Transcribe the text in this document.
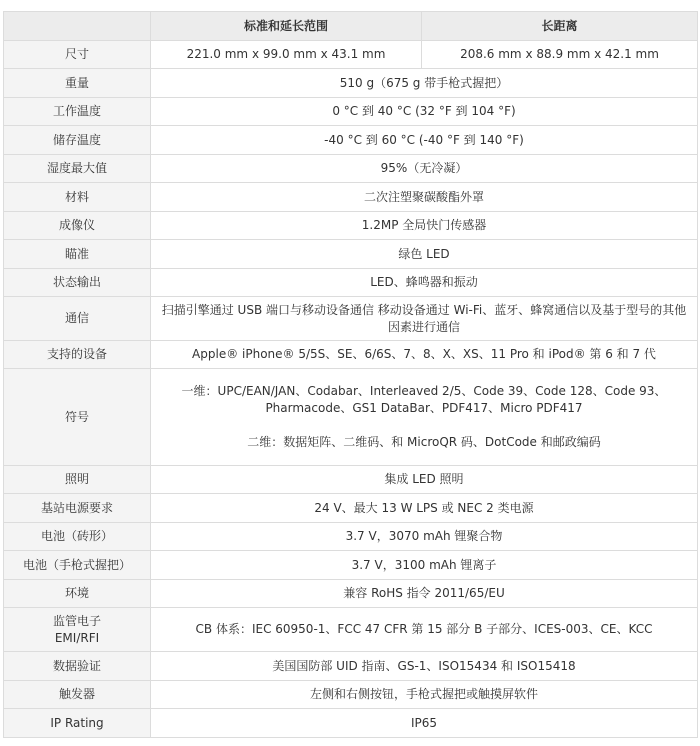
	标准和延长范围	长距离
尺寸	221.0 mm x 99.0 mm x 43.1 mm	208.6 mm x 88.9 mm x 42.1 mm
重量	510 g（675 g 带手枪式握把）	
工作温度	0 °C 到 40 °C (32 °F 到 104 °F)	
储存温度	-40 °C 到 60 °C (-40 °F 到 140 °F)	
湿度最大值	95%（无冷凝）	
材料	二次注塑聚碳酸酯外罩	
成像仪	1.2MP 全局快门传感器	
瞄准	绿色 LED	
状态输出	LED、蜂鸣器和振动	
通信	扫描引擎通过 USB 端口与移动设备通信 移动设备通过 Wi-Fi、蓝牙、蜂窝通信以及基于型号的其他因素进行通信	
支持的设备	Apple® iPhone® 5/5S、SE、6/6S、7、8、X、XS、11 Pro 和 iPod® 第 6 和 7 代	
符号	一维：UPC/EAN/JAN、Codabar、Interleaved 2/5、Code 39、Code 128、Code 93、Pharmacode、GS1 DataBar、PDF417、Micro PDF417
二维：数据矩阵、二维码、和 MicroQR 码、DotCode 和邮政编码	

照明	集成 LED 照明	
基站电源要求	24 V、最大 13 W LPS 或 NEC 2 类电源	
电池（砖形）	3.7 V，3070 mAh 锂聚合物	
电池（手枪式握把）	3.7 V，3100 mAh 锂离子	
环境	兼容 RoHS 指令 2011/65/EU	

监管电子
EMI/RFI	CB 体系：IEC 60950-1、FCC 47 CFR 第 15 部分 B 子部分、ICES-003、CE、KCC	
数据验证	美国国防部 UID 指南、GS-1、ISO15434 和 ISO15418	
触发器	左侧和右侧按钮，手枪式握把或触摸屏软件	
IP Rating	IP65	
